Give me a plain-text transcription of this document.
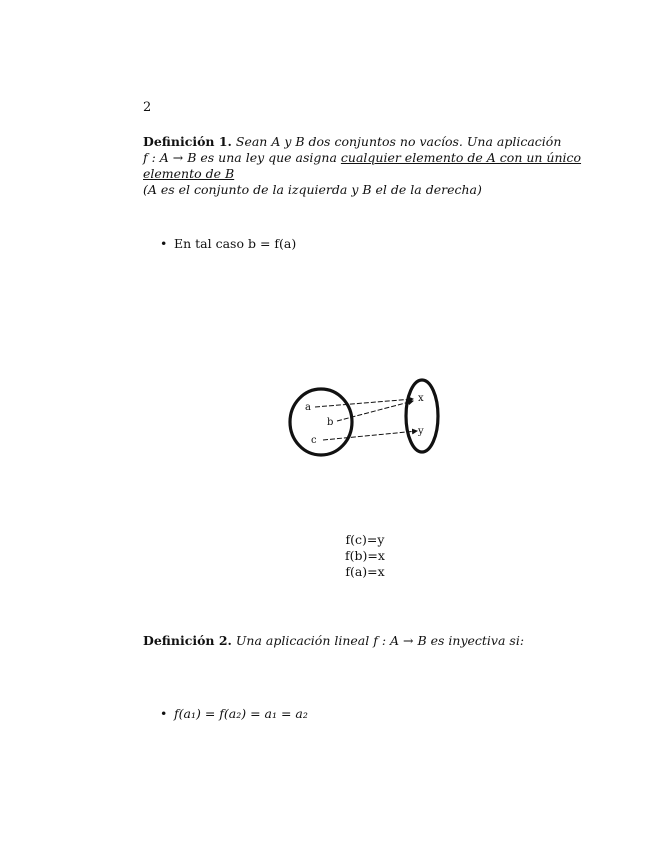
2
Definición 1. Sean A y B dos conjuntos no vacíos. Una aplicación
f : A → B es una ley que asigna cualquier elemento de A con un único elemento de B
(A es el conjunto de la izquierda y B el de la derecha)
• En tal caso b = f(a)
a
b
c
x
y
f(c)=y
f(b)=x
f(a)=x
Definición 2. Una aplicación lineal f : A → B es inyectiva si:
• f(a₁) = f(a₂) = a₁ = a₂
